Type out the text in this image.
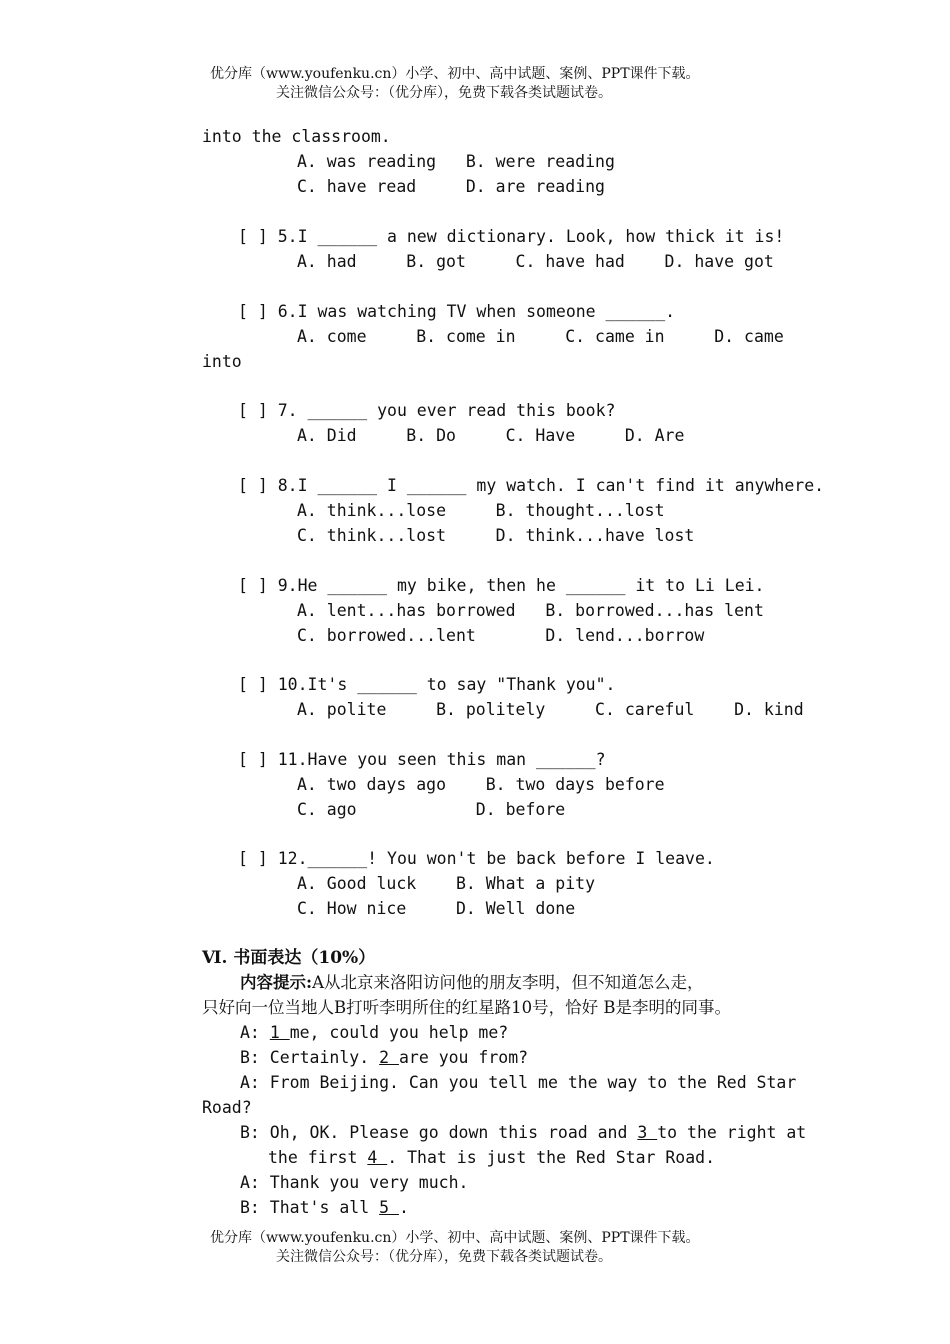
优分库（www.youfenku.cn）小学、初中、高中试题、案例、PPT课件下载。
关注微信公众号：（优分库），免费下载各类试题试卷。
into the classroom.
A. was reading   B. were reading
C. have read     D. are reading
[ ] 5.I ______ a new dictionary. Look, how thick it is!
A. had     B. got     C. have had    D. have got
[ ] 6.I was watching TV when someone ______.
A. come     B. come in     C. came in     D. came
into
[ ] 7. ______ you ever read this book?
A. Did     B. Do     C. Have     D. Are
[ ] 8.I ______ I ______ my watch. I can't find it anywhere.
A. think...lose     B. thought...lost
C. think...lost     D. think...have lost
[ ] 9.He ______ my bike, then he ______ it to Li Lei.
A. lent...has borrowed   B. borrowed...has lent
C. borrowed...lent       D. lend...borrow
[ ] 10.It's ______ to say "Thank you".
A. polite     B. politely     C. careful    D. kind
[ ] 11.Have you seen this man ______?
A. two days ago    B. two days before
C. ago            D. before
[ ] 12.______! You won't be back before I leave.
A. Good luck    B. What a pity
C. How nice     D. Well done
Ⅵ. 书面表达（10%）
内容提示:A从北京来洛阳访问他的朋友李明，但不知道怎么走，
只好向一位当地人B打听李明所住的红星路10号，恰好 B是李明的同事。
A: 1 me, could you help me?
B: Certainly. 2 are you from?
A: From Beijing. Can you tell me the way to the Red Star
Road?
B: Oh, OK. Please go down this road and 3 to the right at
the first 4 . That is just the Red Star Road.
A: Thank you very much.
B: That's all 5 .
优分库（www.youfenku.cn）小学、初中、高中试题、案例、PPT课件下载。
关注微信公众号：（优分库），免费下载各类试题试卷。
